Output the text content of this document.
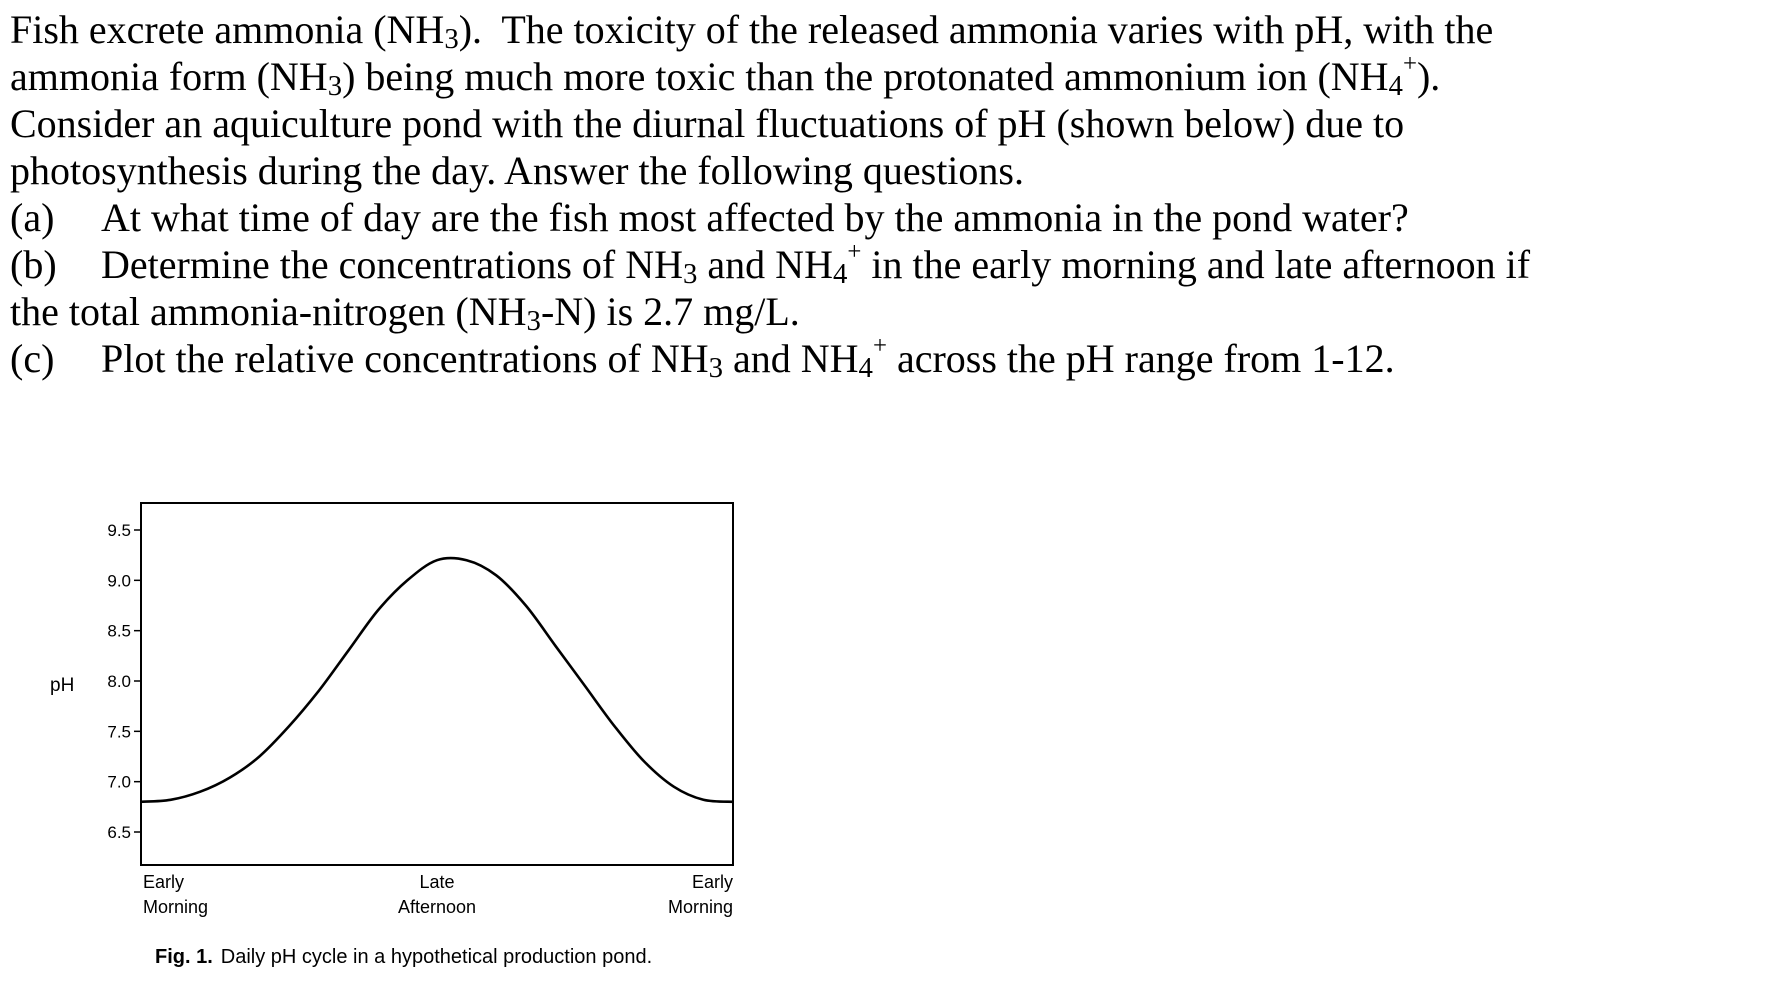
Fish excrete ammonia $(NH_3)$.  The toxicity of the released ammonia varies with pH, with the

ammonia form $(NH_3)$ being much more toxic than the protonated ammonium ion $(NH_4^+)$.

Consider an aquiculture pond with the diurnal fluctuations of pH (shown below) due to

photosynthesis during the day. Answer the following questions.

(a)	At what time of day are the fish most affected by the ammonia in the pond water?
(b)	Determine the concentrations of $NH_3$ and $NH_4^+$ in the early morning and late afternoon if

the total ammonia-nitrogen $(NH_3-N)$ is 2.7 mg/L.

(c)	Plot the relative concentrations of $NH_3$ and $NH_4^+$ across the pH range from 1-12.
9.5
9.0
8.5
8.0
7.5
7.0
6.5
pH
Early
Morning
Late
Afternoon
Early
Morning
Fig. 1. Daily pH cycle in a hypothetical production pond.
